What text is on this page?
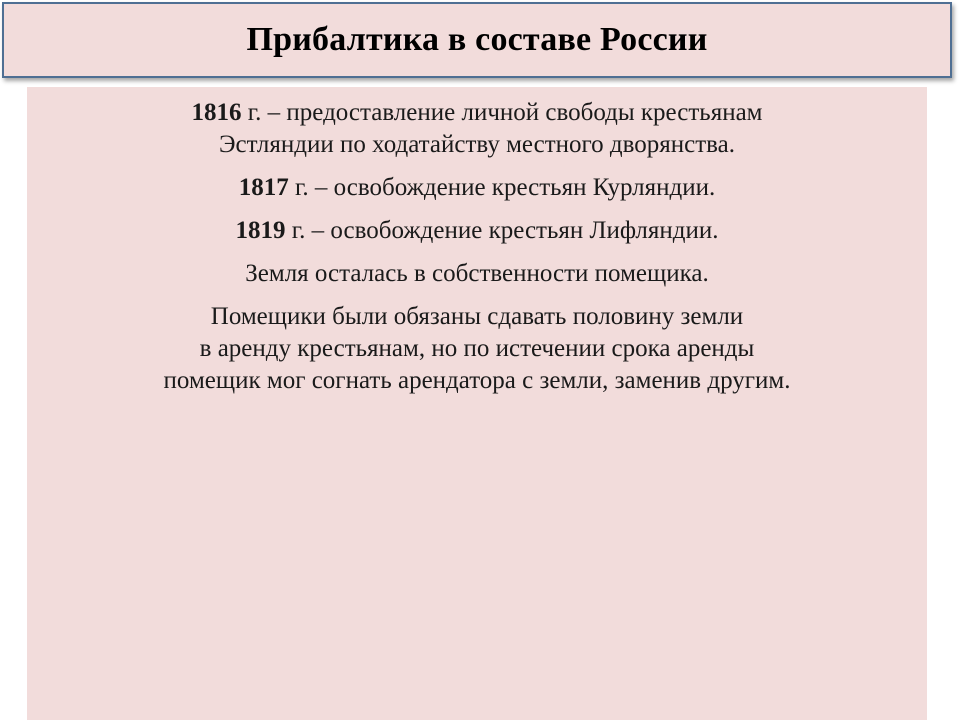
Прибалтика в составе России

1816 г. – предоставление личной свободы крестьянам
Эстляндии по ходатайству местного дворянства.

1817 г. – освобождение крестьян Курляндии.

1819 г. – освобождение крестьян Лифляндии.

Земля осталась в собственности помещика.

Помещики были обязаны сдавать половину земли
в аренду крестьянам, но по истечении срока аренды
помещик мог согнать арендатора с земли, заменив другим.
